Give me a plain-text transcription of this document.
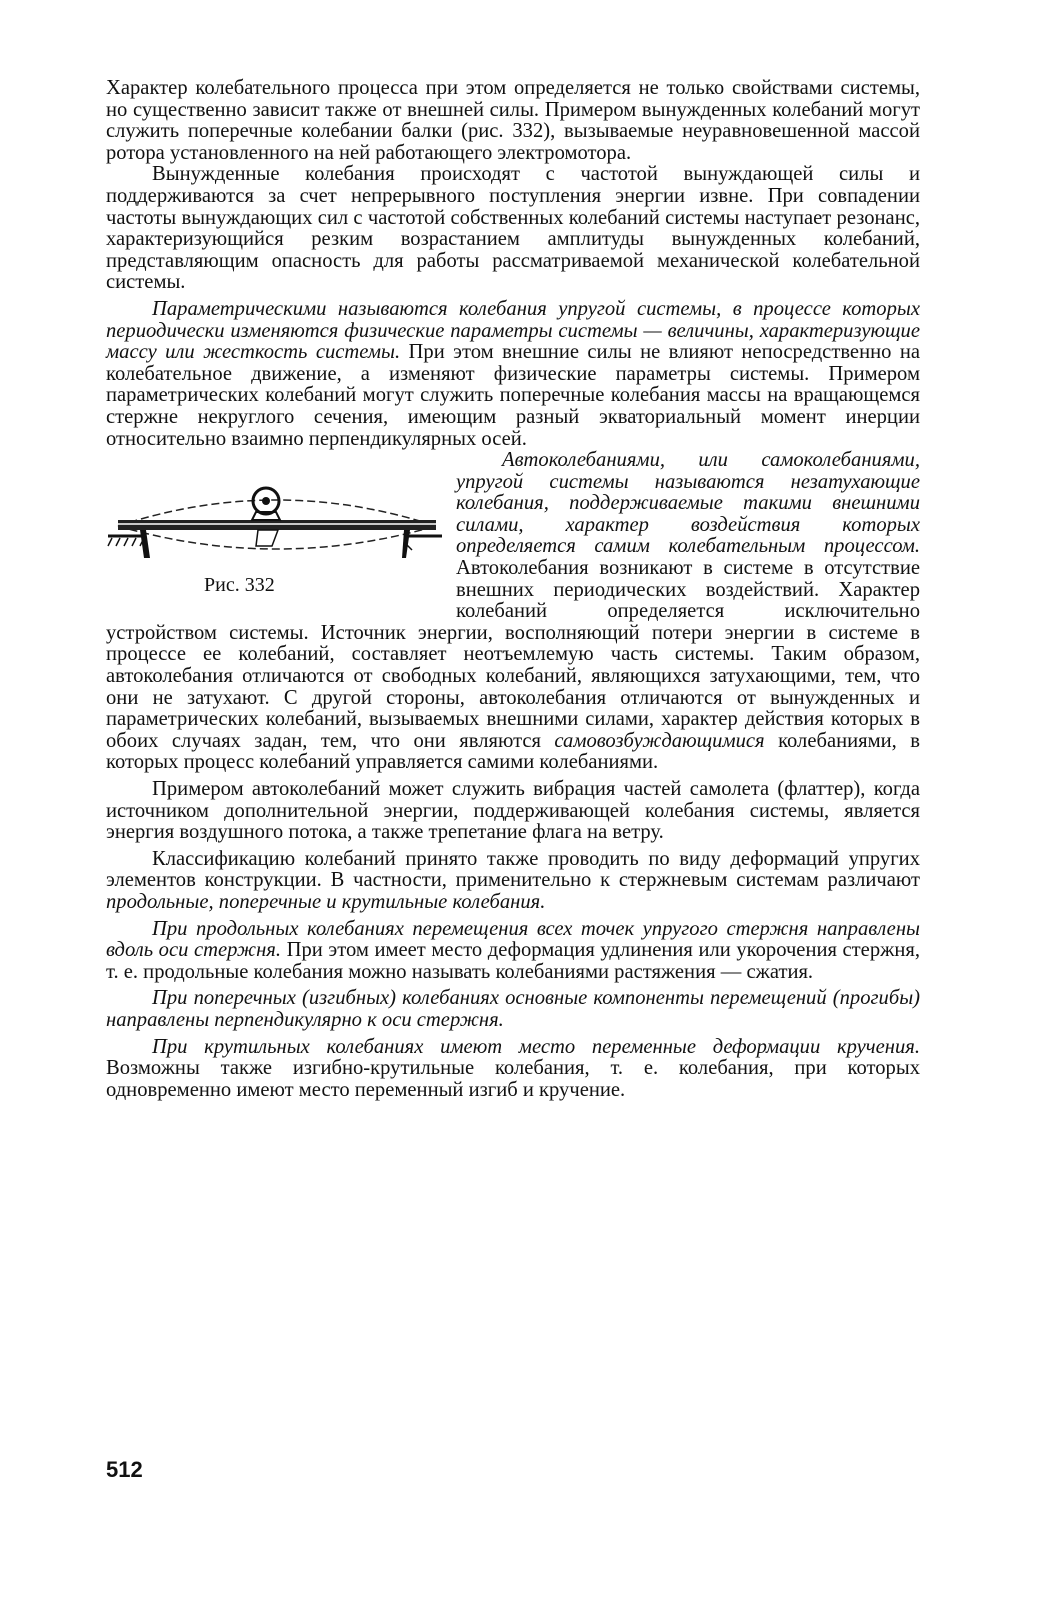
Характер колебательного процесса при этом определяется не только свойствами системы, но существенно зависит также от внешней силы. Примером вынужденных колебаний могут служить поперечные колебании балки (рис. 332), вызываемые неуравновешенной массой ротора установленного на ней работающего электромотора.

Вынужденные колебания происходят с частотой вынуждающей силы и поддерживаются за счет непрерывного поступления энергии извне. При совпадении частоты вынуждающих сил с частотой собственных колебаний системы наступает резонанс, характеризующийся резким возрастанием амплитуды вынужденных колебаний, представляющим опасность для работы рассматриваемой механической колебательной системы.

Параметрическими называются колебания упругой системы, в процессе которых периодически изменяются физические параметры системы — величины, характеризующие массу или жесткость системы. При этом внешние силы не влияют непосредственно на колебательное движение, а изменяют физические параметры системы. Примером параметрических колебаний могут служить поперечные колебания массы на вращающемся стержне некруглого сечения, имеющим разный экваториальный момент инерции относительно взаимно перпендикулярных осей.

Рис. 332

Автоколебаниями, или самоколебаниями, упругой системы называются незатухающие колебания, поддерживаемые такими внешними силами, характер воздействия которых определяется самим колебательным процессом. Автоколебания возникают в системе в отсутствие внешних периодических воздействий. Характер колебаний определяется исключительно устройством системы. Источник энергии, восполняющий потери энергии в системе в процессе ее колебаний, составляет неотъемлемую часть системы. Таким образом, автоколебания отличаются от свободных колебаний, являющихся затухающими, тем, что они не затухают. С другой стороны, автоколебания отличаются от вынужденных и параметрических колебаний, вызываемых внешними силами, характер действия которых в обоих случаях задан, тем, что они являются самовозбуждающимися колебаниями, в которых процесс колебаний управляется самими колебаниями.

Примером автоколебаний может служить вибрация частей самолета (флаттер), когда источником дополнительной энергии, поддерживающей колебания системы, является энергия воздушного потока, а также трепетание флага на ветру.

Классификацию колебаний принято также проводить по виду деформаций упругих элементов конструкции. В частности, применительно к стержневым системам различают продольные, поперечные и крутильные колебания.

При продольных колебаниях перемещения всех точек упругого стержня направлены вдоль оси стержня. При этом имеет место деформация удлинения или укорочения стержня, т. е. продольные колебания можно называть колебаниями растяжения — сжатия.

При поперечных (изгибных) колебаниях основные компоненты перемещений (прогибы) направлены перпендикулярно к оси стержня.

При крутильных колебаниях имеют место переменные деформации кручения. Возможны также изгибно-крутильные колебания, т. е. колебания, при которых одновременно имеют место переменный изгиб и кручение.

512
